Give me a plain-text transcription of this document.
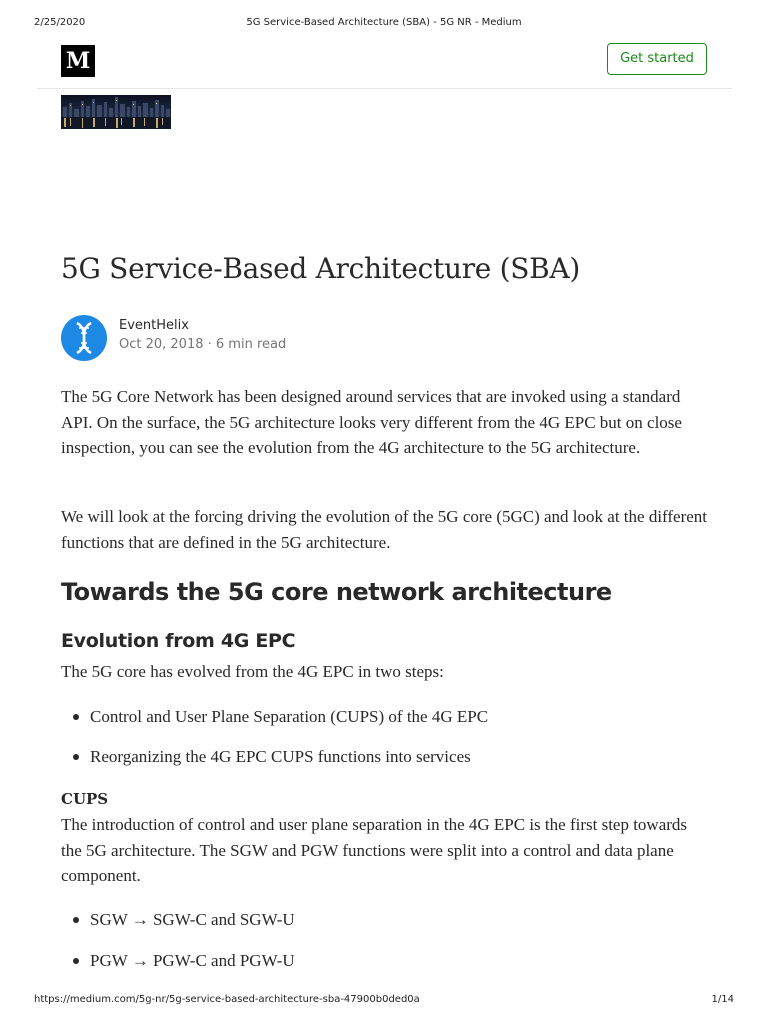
2/25/2020	5G Service-Based Architecture (SBA) - 5G NR - Medium
M	Get started
5G Service-Based Architecture (SBA)
EventHelix
Oct 20, 2018 · 6 min read

The 5G Core Network has been designed around services that are invoked using a standard API. On the surface, the 5G architecture looks very different from the 4G EPC but on close inspection, you can see the evolution from the 4G architecture to the 5G architecture.

We will look at the forcing driving the evolution of the 5G core (5GC) and look at the different functions that are defined in the 5G architecture.

Towards the 5G core network architecture
Evolution from 4G EPC

The 5G core has evolved from the 4G EPC in two steps:

Control and User Plane Separation (CUPS) of the 4G EPC
Reorganizing the 4G EPC CUPS functions into services
CUPS

The introduction of control and user plane separation in the 4G EPC is the first step towards the 5G architecture. The SGW and PGW functions were split into a control and data plane component.

SGW → SGW-C and SGW-U
PGW → PGW-C and PGW-U
https://medium.com/5g-nr/5g-service-based-architecture-sba-47900b0ded0a	1/14
